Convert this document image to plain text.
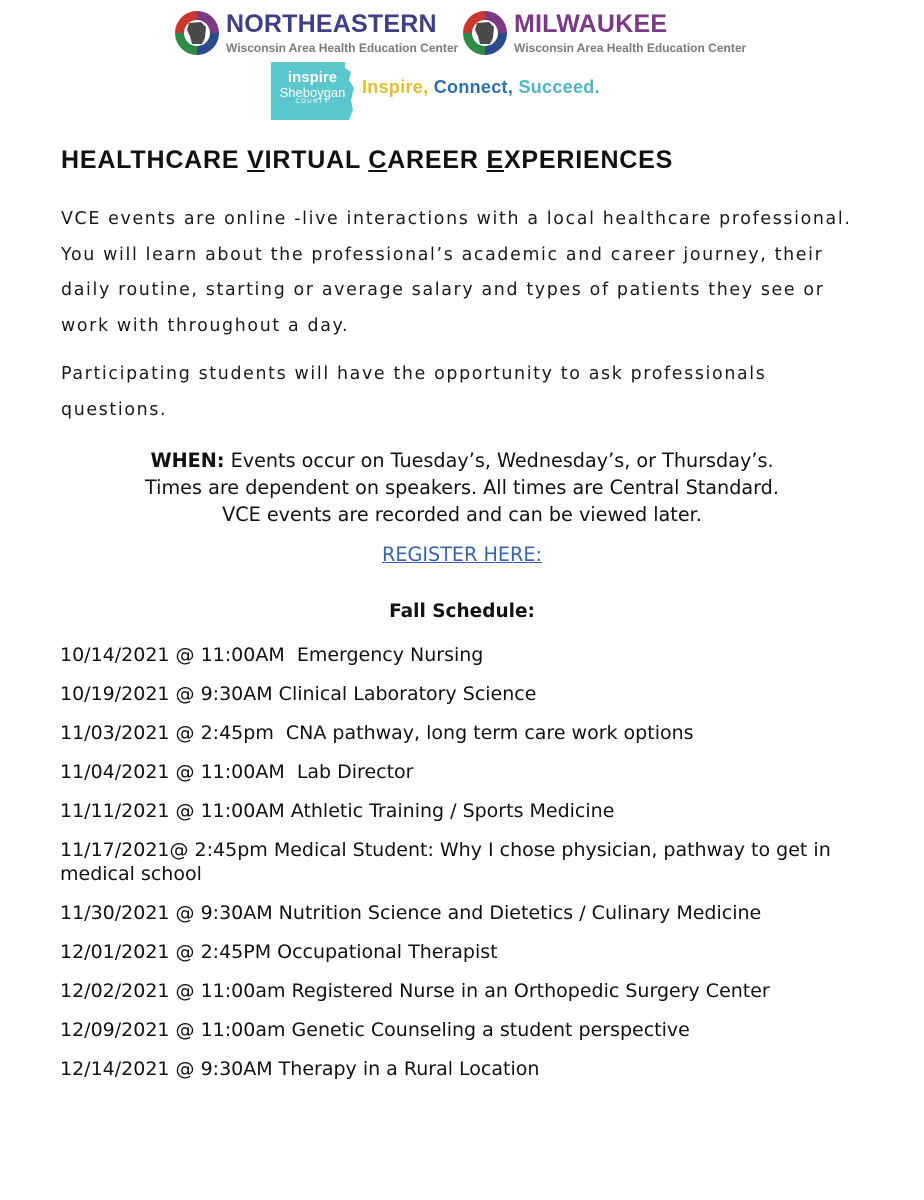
NORTHEASTERN
Wisconsin Area Health Education Center
MILWAUKEE
Wisconsin Area Health Education Center
inspire
Sheboygan
COUNTY
Inspire, Connect, Succeed.
HEALTHCARE VIRTUAL CAREER EXPERIENCES

VCE events are online -live interactions with a local healthcare professional. You will learn about the professional’s academic and career journey, their daily routine, starting or average salary and types of patients they see or work with throughout a day.

Participating students will have the opportunity to ask professionals questions.

WHEN: Events occur on Tuesday’s, Wednesday’s, or Thursday’s.
Times are dependent on speakers. All times are Central Standard.
VCE events are recorded and can be viewed later.
REGISTER HERE:
Fall Schedule:
10/14/2021 @ 11:00AM  Emergency Nursing
10/19/2021 @ 9:30AM Clinical Laboratory Science
11/03/2021 @ 2:45pm  CNA pathway, long term care work options
11/04/2021 @ 11:00AM  Lab Director
11/11/2021 @ 11:00AM Athletic Training / Sports Medicine
11/17/2021@ 2:45pm Medical Student: Why I chose physician, pathway to get in medical school
11/30/2021 @ 9:30AM Nutrition Science and Dietetics / Culinary Medicine
12/01/2021 @ 2:45PM Occupational Therapist
12/02/2021 @ 11:00am Registered Nurse in an Orthopedic Surgery Center
12/09/2021 @ 11:00am Genetic Counseling a student perspective
12/14/2021 @ 9:30AM Therapy in a Rural Location
